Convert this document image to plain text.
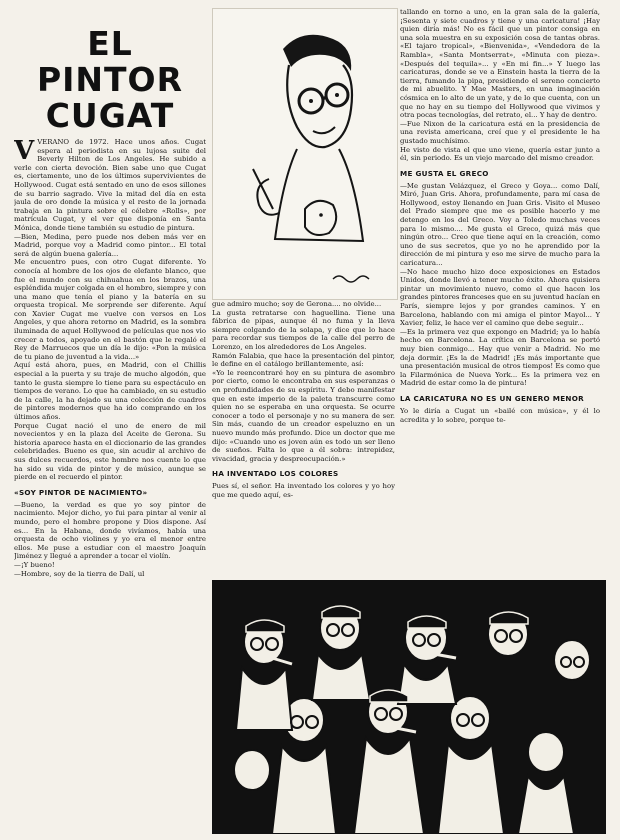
EL PINTOR CUGAT

VVERANO de 1972. Hace unos años. Cugat espera al periodista en su lujosa suite del Beverly Hilton de Los Angeles. He subido a verle con cierta devoción. Bien sabe uno que Cugat es, ciertamente, uno de los últimos supervivientes de Hollywood. Cugat está sentado en uno de esos sillones de su barrio sagrado. Vive la mitad del día en esta jaula de oro donde la música y el resto de la jornada trabaja en la pintura sobre el célebre «Rolls», por matrícula Cugat, y el ver que disponía en Santa Mónica, donde tiene también su estudio de pintura.

—Bien, Medina, pero puede nos deben más ver en Madrid, porque voy a Madrid como pintor... El total será de algún buena galería...
Me encuentro pues, con otro Cugat diferente. Yo conocía al hombre de los ojos de elefante blanco, que fue el mundo con su chihuahua en los brazos, una espléndida mujer colgada en el hombro, siempre y con una mano que tenía el piano y la batería en su orquesta tropical. Me sorprende ser diferente. Aquí con Xavier Cugat me vuelve con versos en Los Angeles, y que ahora retorno en Madrid, es la sombra iluminada de aquel Hollywood de películas que nos vio crecer a todos, apoyado en el bastón que le regaló el Rey de Marruecos que un día le dijo: «Pon la música de tu piano de juventud a la vida...»

Aquí está ahora, pues, en Madrid, con el Chillis especial a la puerta y su traje de mucho algodón, que tanto le gusta siempre lo tiene para su espectáculo en tiempos de verano. Lo que ha cambiado, en su estudio de la calle, la ha dejado su una colección de cuadros de pintores modernos que ha ido comprando en los últimos años.

Porque Cugat nació el uno de enero de mil novecientos y en la plaza del Aceite de Gerona. Su historia aparece hasta en el diccionario de las grandes celebridades. Bueno es que, sin acudir al archivo de sus dulces recuerdos, este hombre nos cuente lo que ha sido su vida de pintor y de músico, aunque se pierde en el recuerdo el pintor.

«SOY PINTOR DE NACIMIENTO»

—Bueno, la verdad es que yo soy pintor de nacimiento. Mejor dicho, yo fui para pintar al venir al mundo, pero el hombre propone y Dios dispone. Así es... En la Habana, donde vivíamos, había una orquesta de ocho violines y yo era el menor entre ellos. Me puse a estudiar con el maestro Joaquín Jiménez y llegué a aprender a tocar el violín.
—¡Y bueno!
—Hombre, soy de la tierra de Dalí, ul

gue admiro mucho; soy de Gerona.... no olvide...
La gusta retratarse con haguellina. Tiene una fábrica de pipas, aunque él no fuma y la lleva siempre colgando de la solapa, y dice que lo hace para recordar sus tiempos de la calle del perro de Lorenzo, en los alrededores de Los Angeles.
Ramón Falabia, que hace la presentación del pintor, le define en el catálogo brillantemente, así:
«Yo le reencontraré hoy en su pintura de asombro por cierto, como le encontraba en sus esperanzas o en profundidades de su espíritu. Y debo manifestar que en este imperio de la paleta transcurre como quien no se esperaba en una orquesta. Se ocurre conocer a todo el personaje y no su manera de ser. Sin más, cuando de un creador espeluzno en un nuevo mundo más profundo. Dice un doctor que me dijo: «Cuando uno es joven aún es todo un ser lleno de sueños. Falta lo que a él sobra: intrepidez, vivacidad, gracia y despreocupación.»

HA INVENTADO LOS COLORES

Pues sí, el señor. Ha inventado los colores y yo hoy que me quedo aquí, es-

tallando en torno a uno, en la gran sala de la galería, ¡Sesenta y siete cuadros y tiene y una caricatura! ¡Hay quien diría más! No es fácil que un pintor consiga en una sola muestra en su exposición cosa de tantas obras. «El tajaro tropical», «Bienvenida», «Vendedora de la Rambla», «Santa Montserrat», «Minuta con pieza». «Después del tequila»... y «En mi fin...» Y luego las caricaturas, donde se ve a Einstein hasta la tierra de la tierra, fumando la pipa, presidiendo el sereno concierto de mi abuelito. Y Mae Masters, en una imaginación cósmica en lo alto de un yate, y de lo que cuenta, con un que no hay en su tiempo del Hollywood que vivimos y otra pocas tecnologías, del retrato, el... Y hay de dentro.
—Fue Nixon de la caricatura está en la presidencia de una revista americana, creí que y el presidente le ha gustado muchísimo.
He visto de vista el que uno viene, quería estar junto a él, sin periodo. Es un viejo marcado del mismo creador.

ME GUSTA EL GRECO

—Me gustan Velázquez, el Greco y Goya... como Dalí, Miró, Juan Gris. Ahora, profundamente, para mí casa de Hollywood, estoy llenando en Juan Gris. Visito el Museo del Prado siempre que me es posible hacerlo y me detengo en los del Greco. Voy a Toledo muchas veces para lo mismo.... Me gusta el Greco, quizá más que ningún otro... Creo que tiene aquí en la creación, como uno de sus secretos, que yo no he aprendido por la dirección de mi pintura y eso me sirve de mucho para la caricatura...
—No hace mucho hizo doce exposiciones en Estados Unidos, donde llevó a tener mucho éxito. Ahora quisiera pintar un movimiento nuevo, como el que hacen los grandes pintores franceses que en su juventud hacían en París, siempre lejos y por grandes caminos. Y en Barcelona, hablando con mi amiga el pintor Mayol... Y Xavier, feliz, le hace ver el camino que debe seguir...
—Es la primera vez que expongo en Madrid; ya lo había hecho en Barcelona. La crítica en Barcelona se portó muy bien conmigo... Hay que venir a Madrid. No me deja dormir. ¡Es la de Madrid! ¡Es más importante que una presentación musical de otros tiempos! Es como que la Filarmónica de Nueva York... Es la primera vez en Madrid de estar como la de pintura!

LA CARICATURA NO ES UN GENERO MENOR

Yo le diría a Cugat un «bailé con música», y él lo acredita y lo sobre, porque te-
